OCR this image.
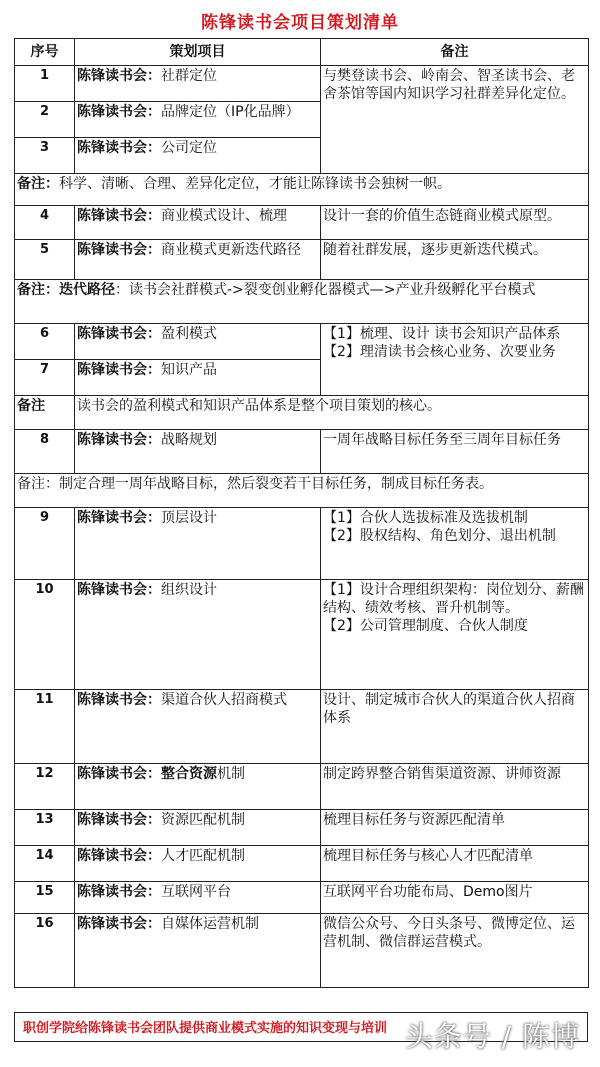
陈锋读书会项目策划清单
序号	策划项目	备注
1	陈锋读书会：社群定位	与樊登读书会、岭南会、智圣读书会、老舍茶馆等国内知识学习社群差异化定位。
2	陈锋读书会：品牌定位（IP化品牌）	
3	陈锋读书会：公司定位	
备注：科学、清晰、合理、差异化定位，才能让陈锋读书会独树一帜。		
4	陈锋读书会：商业模式设计、梳理	设计一套的价值生态链商业模式原型。
5	陈锋读书会：商业模式更新迭代路径	随着社群发展，逐步更新迭代模式。
备注：迭代路径：读书会社群模式->裂变创业孵化器模式—>产业升级孵化平台模式		
6	陈锋读书会：盈利模式	【1】梳理、设计 读书会知识产品体系
【2】理清读书会核心业务、次要业务

7	陈锋读书会：知识产品	
备注	读书会的盈利模式和知识产品体系是整个项目策划的核心。	
8	陈锋读书会：战略规划	一周年战略目标任务至三周年目标任务
备注：制定合理一周年战略目标，然后裂变若干目标任务，制成目标任务表。		
9	陈锋读书会：顶层设计	【1】合伙人选拔标准及选拔机制
【2】股权结构、角色划分、退出机制

10	陈锋读书会：组织设计	【1】设计合理组织架构：岗位划分、薪酬结构、绩效考核、晋升机制等。
【2】公司管理制度、合伙人制度

11	陈锋读书会：渠道合伙人招商模式	设计、制定城市合伙人的渠道合伙人招商体系
12	陈锋读书会：整合资源机制	制定跨界整合销售渠道资源、讲师资源
13	陈锋读书会：资源匹配机制	梳理目标任务与资源匹配清单
14	陈锋读书会：人才匹配机制	梳理目标任务与核心人才匹配清单
15	陈锋读书会：互联网平台	互联网平台功能布局、Demo图片
16	陈锋读书会：自媒体运营机制	微信公众号、今日头条号、微博定位、运营机制、微信群运营模式。
职创学院给陈锋读书会团队提供商业模式实施的知识变现与培训 头条号 / 陈博
